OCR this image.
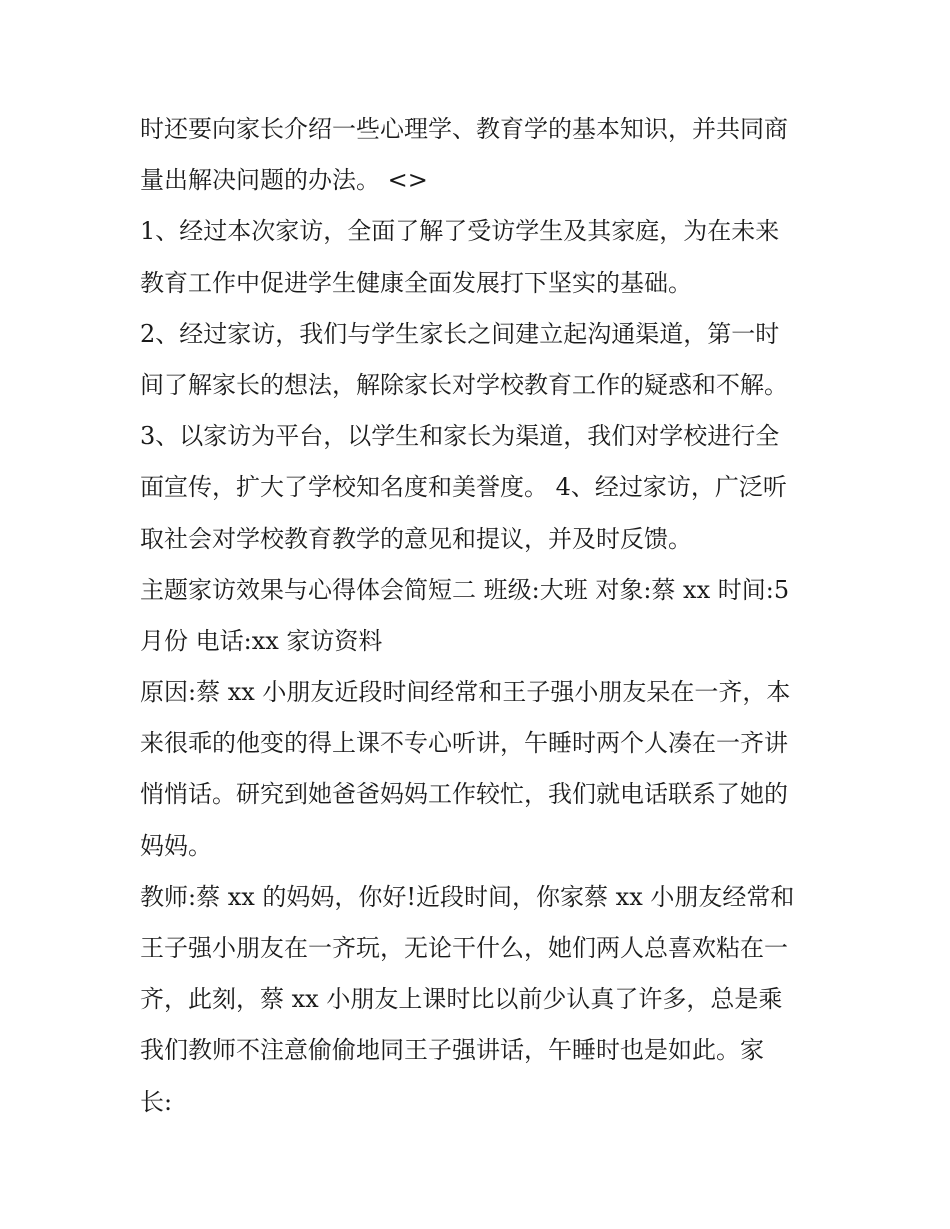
时还要向家长介绍一些心理学、教育学的基本知识，并共同商
量出解决问题的办法。 <>
1、经过本次家访，全面了解了受访学生及其家庭，为在未来
教育工作中促进学生健康全面发展打下坚实的基础。
2、经过家访，我们与学生家长之间建立起沟通渠道，第一时
间了解家长的想法，解除家长对学校教育工作的疑惑和不解。
3、以家访为平台，以学生和家长为渠道，我们对学校进行全
面宣传，扩大了学校知名度和美誉度。 4、经过家访，广泛听
取社会对学校教育教学的意见和提议，并及时反馈。
主题家访效果与心得体会简短二 班级:大班 对象:蔡 xx 时间:5
月份 电话:xx 家访资料
原因:蔡 xx 小朋友近段时间经常和王子强小朋友呆在一齐，本
来很乖的他变的得上课不专心听讲，午睡时两个人凑在一齐讲
悄悄话。研究到她爸爸妈妈工作较忙，我们就电话联系了她的
妈妈。
教师:蔡 xx 的妈妈，你好!近段时间，你家蔡 xx 小朋友经常和
王子强小朋友在一齐玩，无论干什么，她们两人总喜欢粘在一
齐，此刻，蔡 xx 小朋友上课时比以前少认真了许多，总是乘
我们教师不注意偷偷地同王子强讲话，午睡时也是如此。家
长:
